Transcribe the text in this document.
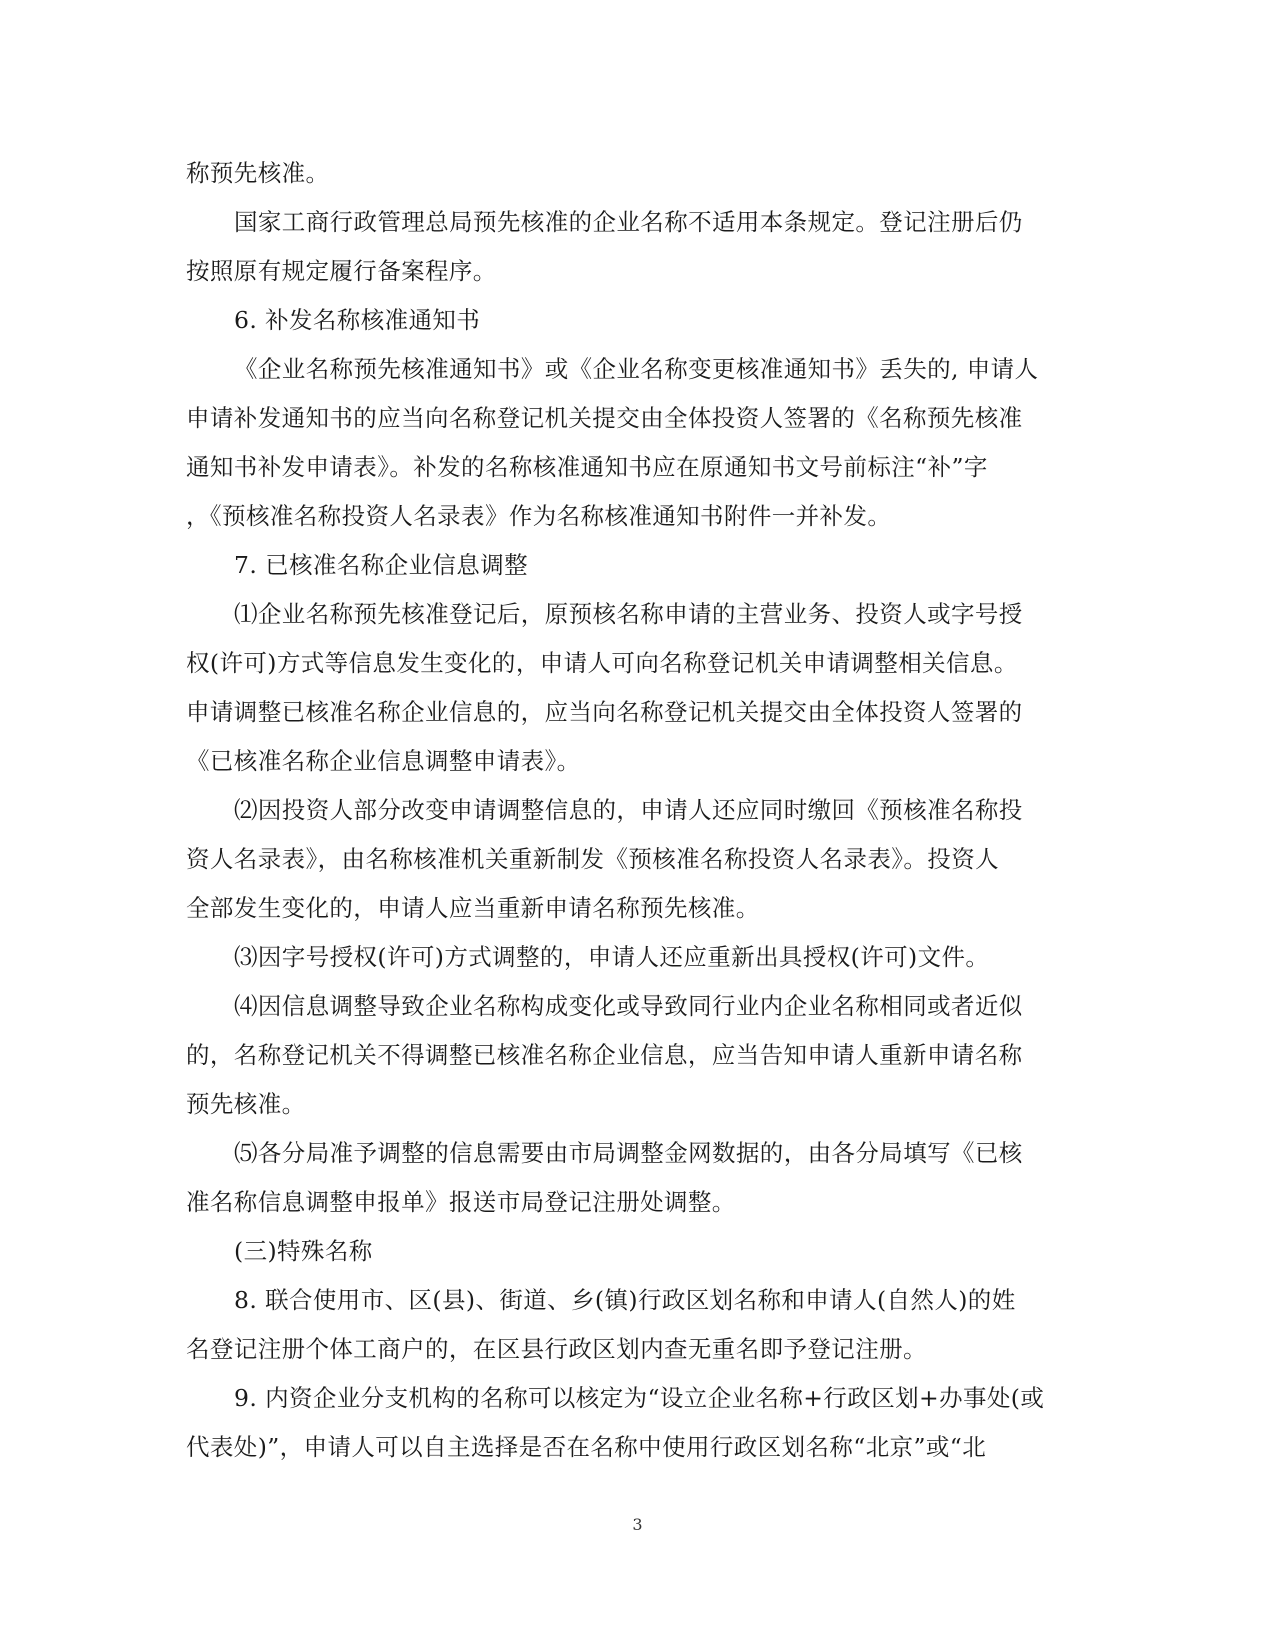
称预先核准。
国家工商行政管理总局预先核准的企业名称不适用本条规定。登记注册后仍
按照原有规定履行备案程序。
6. 补发名称核准通知书
《企业名称预先核准通知书》或《企业名称变更核准通知书》丢失的, 申请人
申请补发通知书的应当向名称登记机关提交由全体投资人签署的《名称预先核准
通知书补发申请表》。补发的名称核准通知书应在原通知书文号前标注“补”字
，《预核准名称投资人名录表》作为名称核准通知书附件一并补发。
7. 已核准名称企业信息调整
⑴企业名称预先核准登记后，原预核名称申请的主营业务、投资人或字号授
权(许可)方式等信息发生变化的，申请人可向名称登记机关申请调整相关信息。
申请调整已核准名称企业信息的，应当向名称登记机关提交由全体投资人签署的
《已核准名称企业信息调整申请表》。
⑵因投资人部分改变申请调整信息的，申请人还应同时缴回《预核准名称投
资人名录表》，由名称核准机关重新制发《预核准名称投资人名录表》。投资人
全部发生变化的，申请人应当重新申请名称预先核准。
⑶因字号授权(许可)方式调整的，申请人还应重新出具授权(许可)文件。
⑷因信息调整导致企业名称构成变化或导致同行业内企业名称相同或者近似
的，名称登记机关不得调整已核准名称企业信息，应当告知申请人重新申请名称
预先核准。
⑸各分局准予调整的信息需要由市局调整金网数据的，由各分局填写《已核
准名称信息调整申报单》报送市局登记注册处调整。
(三)特殊名称
8. 联合使用市、区(县)、街道、乡(镇)行政区划名称和申请人(自然人)的姓
名登记注册个体工商户的，在区县行政区划内查无重名即予登记注册。
9. 内资企业分支机构的名称可以核定为“设立企业名称+行政区划+办事处(或
代表处)”，申请人可以自主选择是否在名称中使用行政区划名称“北京”或“北
3
